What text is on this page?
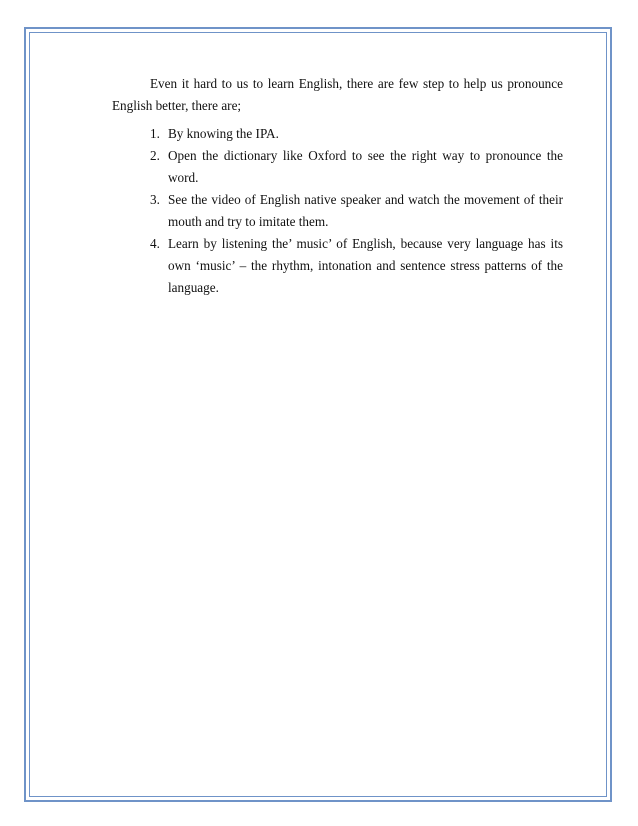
Even it hard to us to learn English, there are few step to help us pronounce English better, there are;

1. By knowing the IPA.
2. Open the dictionary like Oxford to see the right way to pronounce the word.
3. See the video of English native speaker and watch the movement of their mouth and try to imitate them.
4. Learn by listening the’ music’ of English, because very language has its own ‘music’ – the rhythm, intonation and sentence stress patterns of the language.
